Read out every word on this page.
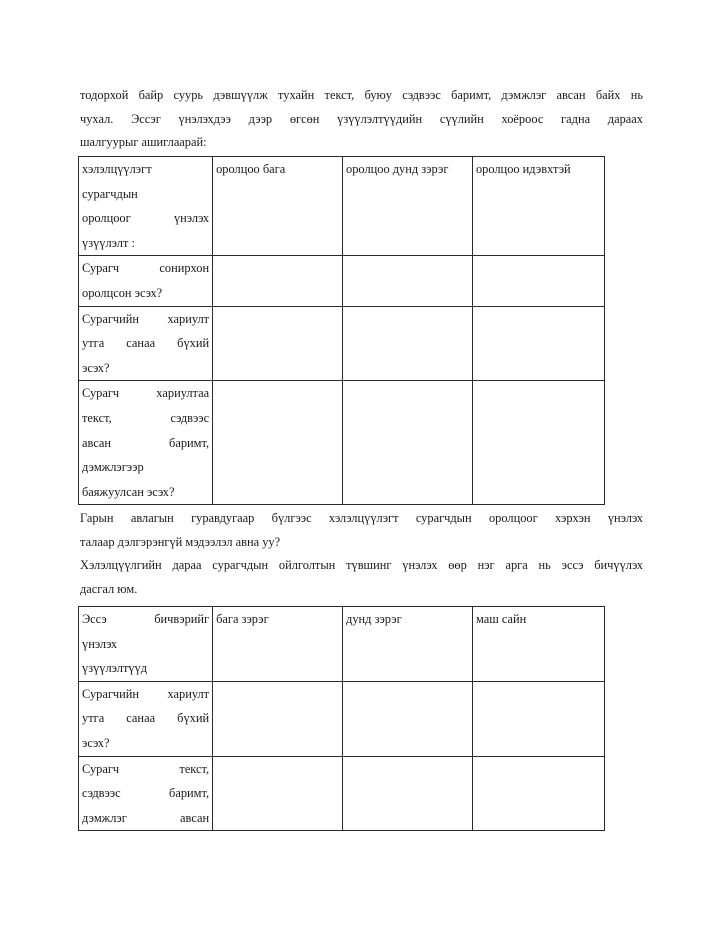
тодорхой байр суурь дэвшүүлж тухайн текст, буюу сэдвээс баримт, дэмжлэг авсан байх нь
чухал. Эссэг үнэлэхдээ дээр өгсөн үзүүлэлтүүдийн сүүлийн хоёроос гадна дараах
шалгуурыг ашиглаарай:
хэлэлцүүлэгт
сурагчдын
оролцоог үнэлэх
үзүүлэлт :	оролцоо бага	оролцоо дунд зэрэг	оролцоо идэвхтэй

Сурагч сонирхон
оролцсон эсэх?			

Сурагчийн хариулт
утга санаа бүхий
эсэх?			

Сурагч хариултаа
текст, сэдвээс
авсан баримт,
дэмжлэгээр
баяжуулсан эсэх?			

Гарын авлагын гуравдугаар бүлгээс хэлэлцүүлэгт сурагчдын оролцоог хэрхэн үнэлэх
талаар дэлгэрэнгүй мэдээлэл авна уу?
Хэлэлцүүлгийн дараа сурагчдын ойлголтын түвшинг үнэлэх өөр нэг арга нь эссэ бичүүлэх
дасгал юм.
Эссэ бичвэрийг
үнэлэх
үзүүлэлтүүд	бага зэрэг	дунд зэрэг	маш сайн

Сурагчийн хариулт
утга санаа бүхий
эсэх?			

Сурагч текст,
сэдвээс баримт,
дэмжлэг авсан			
